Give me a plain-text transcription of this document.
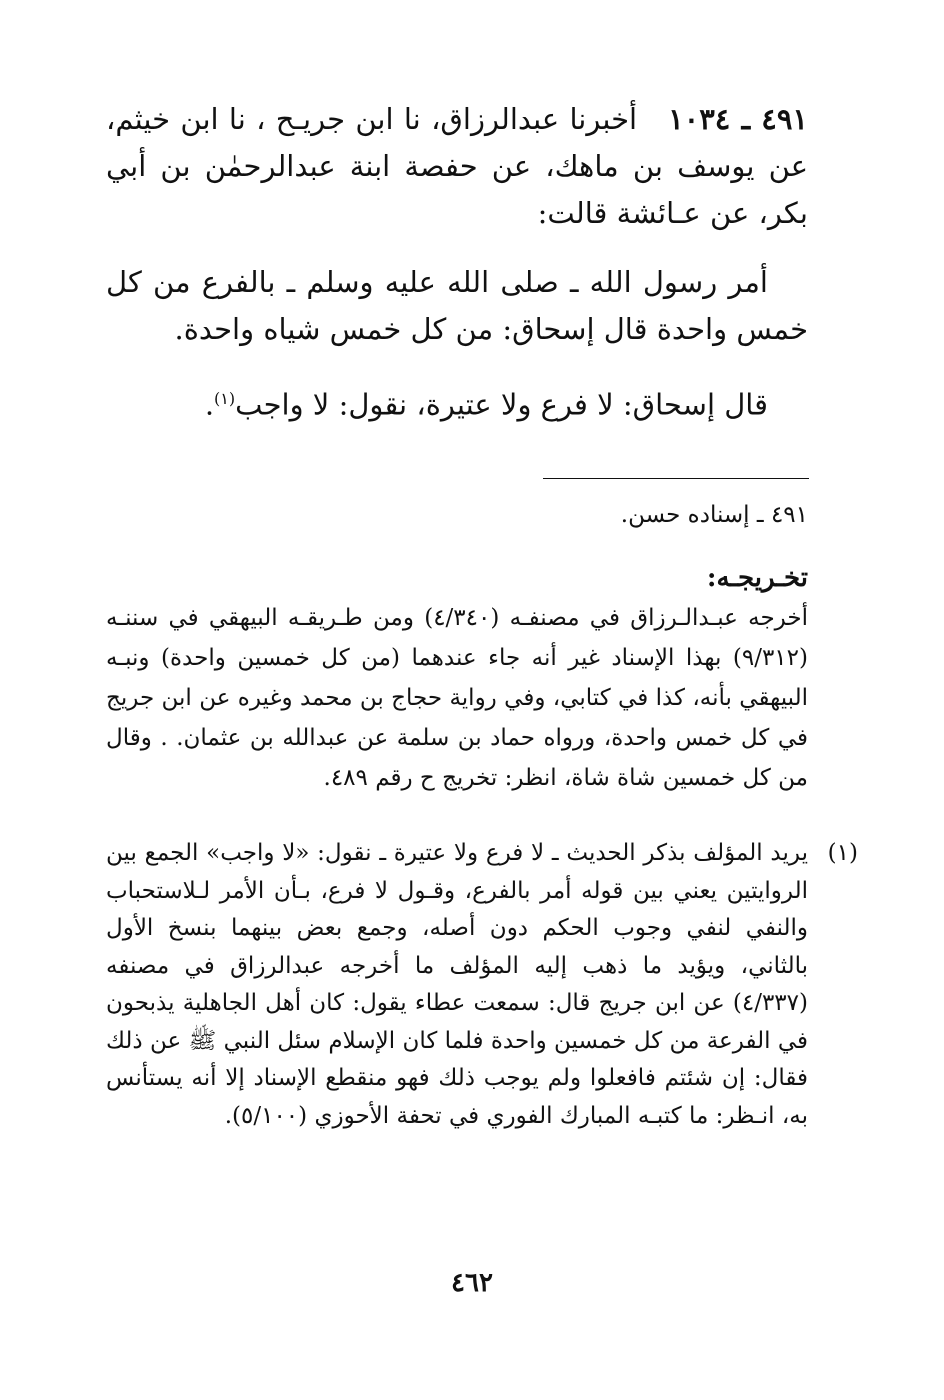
٤٩١ ـ ١٠٣٤   أخبرنا عبدالرزاق، نا ابن جريـح ، نا ابن خيثم، عن يوسف بن ماهك، عن حفصة ابنة عبدالرحمٰن بن أبي بكر، عن عـائشة قالت:

أمر رسول الله ـ صلى الله عليه وسلم ـ بالفرع من كل خمس واحدة قال إسحاق: من كل خمس شياه واحدة.

قال إسحاق: لا فرع ولا عتيرة، نقول: لا واجب$^{(١)}$.

٤٩١ ـ إسناده حسن.
تخـريجـه:
أخرجه عبـدالـرزاق في مصنفـه (٤/٣٤٠) ومن طـريقـه البيهقي في سننـه (٩/٣١٢) بهذا الإسناد غير أنه جاء عندهما (من كل خمسين واحدة) ونبـه البيهقي بأنه، كذا في كتابي، وفي رواية حجاج بن محمد وغيره عن ابن جريج في كل خمس واحدة، ورواه حماد بن سلمة عن عبدالله بن عثمان. . وقال من كل خمسين شاة شاة، انظر: تخريج ح رقم ٤٨٩.
(١)
يريد المؤلف بذكر الحديث ـ لا فرع ولا عتيرة ـ نقول: «لا واجب» الجمع بين الروايتين يعني بين قوله أمر بالفرع، وقـول لا فرع، بـأن الأمر لـلاستحباب والنفي لنفي وجوب الحكم دون أصله، وجمع بعض بينهما بنسخ الأول بالثاني، ويؤيد ما ذهب إليه المؤلف ما أخرجه عبدالرزاق في مصنفه (٤/٣٣٧) عن ابن جريج قال: سمعت عطاء يقول: كان أهل الجاهلية يذبحون في الفرعة من كل خمسين واحدة فلما كان الإسلام سئل النبي ﷺ عن ذلك فقال: إن شئتم فافعلوا ولم يوجب ذلك فهو منقطع الإسناد إلا أنه يستأنس به، انـظر: ما كتبـه المبارك الفوري في تحفة الأحوزي (٥/١٠٠).
٤٦٢
